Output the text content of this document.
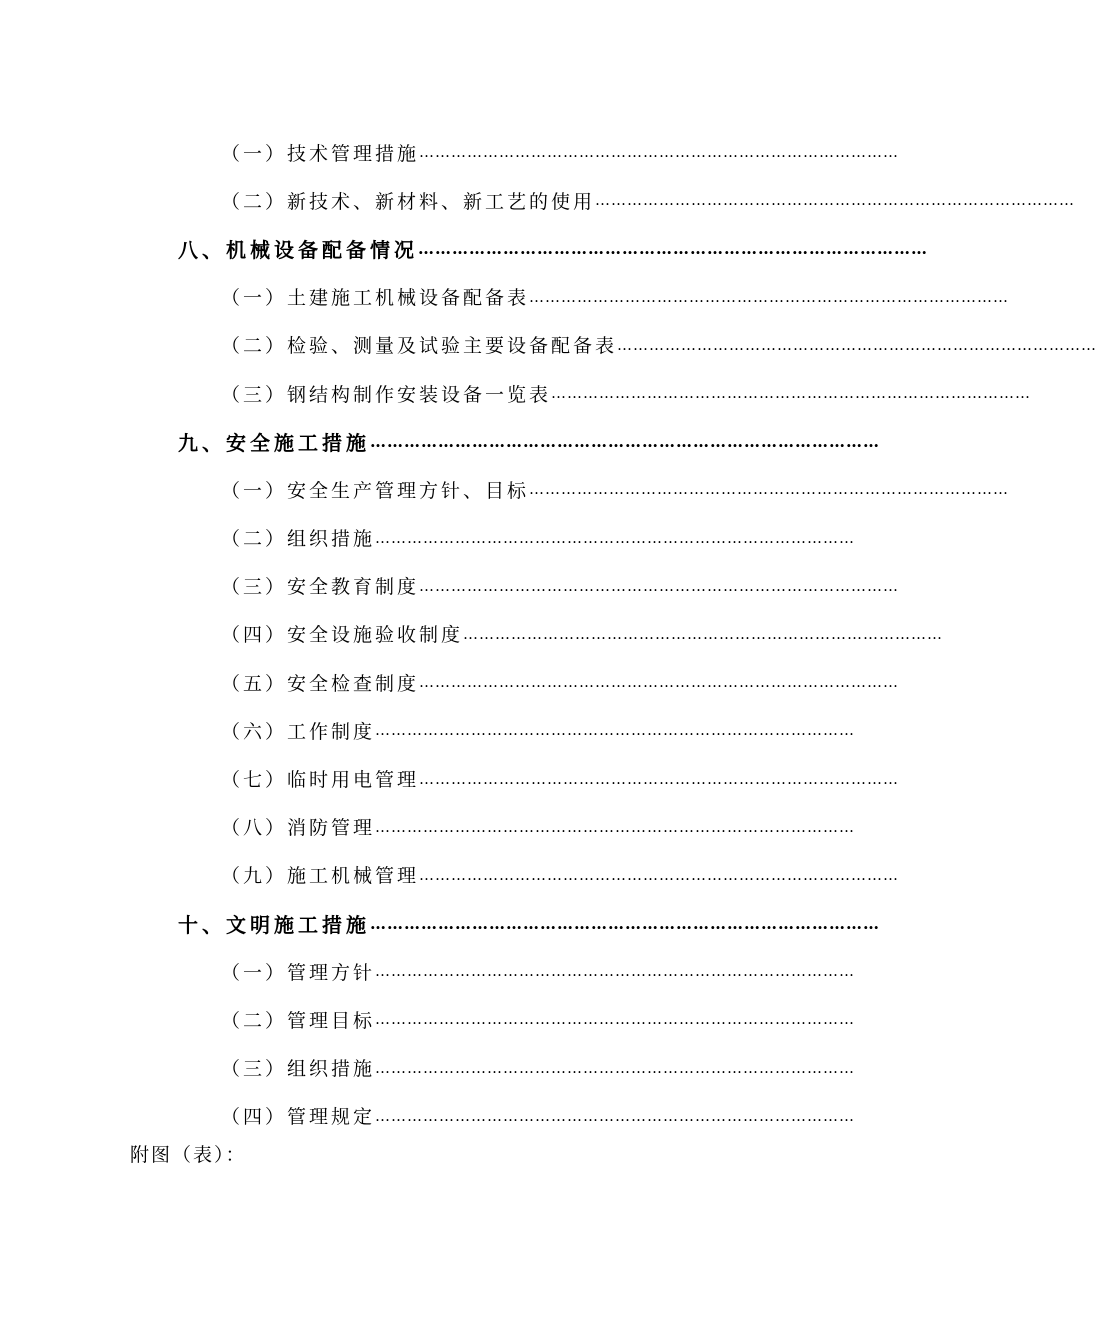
（一）技术管理措施 ………………………………………………………………………………
（二）新技术、新材料、新工艺的使用 ………………………………………………………………………………
八、机械设备配备情况 ………………………………………………………………………………
（一）土建施工机械设备配备表 ………………………………………………………………………………
（二）检验、测量及试验主要设备配备表 ………………………………………………………………………………
（三）钢结构制作安装设备一览表 ………………………………………………………………………………
九、安全施工措施 ………………………………………………………………………………
（一）安全生产管理方针、目标 ………………………………………………………………………………
（二）组织措施 ………………………………………………………………………………
（三）安全教育制度 ………………………………………………………………………………
（四）安全设施验收制度 ………………………………………………………………………………
（五）安全检查制度 ………………………………………………………………………………
（六）工作制度 ………………………………………………………………………………
（七）临时用电管理 ………………………………………………………………………………
（八）消防管理 ………………………………………………………………………………
（九）施工机械管理 ………………………………………………………………………………
十、文明施工措施 ………………………………………………………………………………
（一）管理方针 ………………………………………………………………………………
（二）管理目标 ………………………………………………………………………………
（三）组织措施 ………………………………………………………………………………
（四）管理规定 ………………………………………………………………………………
附图（表）：
